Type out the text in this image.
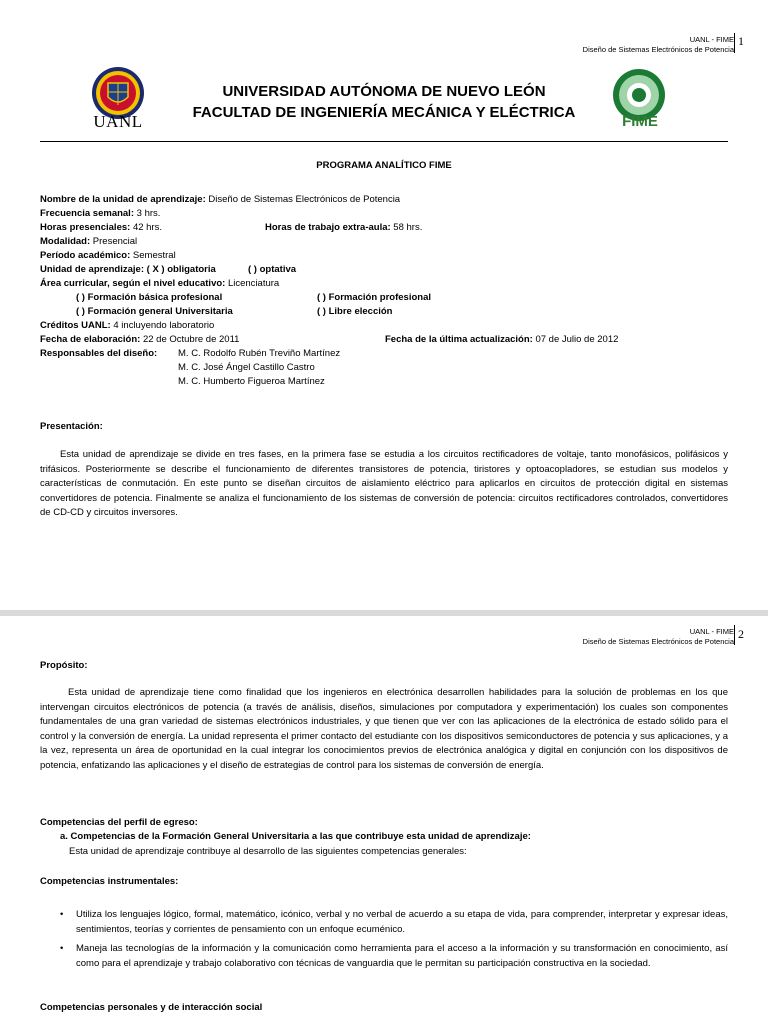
UANL - FIME
Diseño de Sistemas Electrónicos de Potencia
1
UANL	FIME
UNIVERSIDAD AUTÓNOMA DE NUEVO LEÓN
FACULTAD DE INGENIERÍA MECÁNICA Y ELÉCTRICA
PROGRAMA ANALÍTICO FIME
Nombre de la unidad de aprendizaje: Diseño de Sistemas Electrónicos de Potencia
Frecuencia semanal: 3 hrs.
Horas presenciales: 42 hrs.	Horas de trabajo extra-aula: 58 hrs.
Modalidad: Presencial
Período académico: Semestral
Unidad de aprendizaje: ( X ) obligatoria	( ) optativa
Área curricular, según el nivel educativo: Licenciatura
( ) Formación básica profesional	( ) Formación profesional
( ) Formación general Universitaria	( ) Libre elección
Créditos UANL: 4 incluyendo laboratorio
Fecha de elaboración: 22 de Octubre de 2011	Fecha de la última actualización: 07 de Julio de 2012
Responsables del diseño: M. C. Rodolfo Rubén Treviño Martínez
M. C. José Ángel Castillo Castro
M. C. Humberto Figueroa Martínez
Presentación:
Esta unidad de aprendizaje se divide en tres fases, en la primera fase se estudia a los circuitos rectificadores de voltaje, tanto monofásicos, polifásicos y trifásicos. Posteriormente se describe el funcionamiento de diferentes transistores de potencia, tiristores y optoacopladores, se estudian sus modelos y características de conmutación. En este punto se diseñan circuitos de aislamiento eléctrico para aplicarlos en circuitos de protección digital en sistemas convertidores de potencia. Finalmente se analiza el funcionamiento de los sistemas de conversión de potencia: circuitos rectificadores controlados, convertidores de CD-CD y circuitos inversores.
UANL - FIME
Diseño de Sistemas Electrónicos de Potencia
2
Propósito:
Esta unidad de aprendizaje tiene como finalidad que los ingenieros en electrónica desarrollen habilidades para la solución de problemas en los que intervengan circuitos electrónicos de potencia (a través de análisis, diseños, simulaciones por computadora y experimentación) los cuales son componentes fundamentales de una gran variedad de sistemas electrónicos industriales, y que tienen que ver con las aplicaciones de la electrónica de estado sólido para el control y la conversión de energía. La unidad representa el primer contacto del estudiante con los dispositivos semiconductores de potencia y sus aplicaciones, y a la vez, representa un área de oportunidad en la cual integrar los conocimientos previos de electrónica analógica y digital en conjunción con los dispositivos de potencia, enfatizando las aplicaciones y el diseño de estrategias de control para los sistemas de conversión de energía.
Competencias del perfil de egreso:
a. Competencias de la Formación General Universitaria a las que contribuye esta unidad de aprendizaje:
Esta unidad de aprendizaje contribuye al desarrollo de las siguientes competencias generales:
Competencias instrumentales:
• Utiliza los lenguajes lógico, formal, matemático, icónico, verbal y no verbal de acuerdo a su etapa de vida, para comprender, interpretar y expresar ideas, sentimientos, teorías y corrientes de pensamiento con un enfoque ecuménico.
• Maneja las tecnologías de la información y la comunicación como herramienta para el acceso a la información y su transformación en conocimiento, así como para el aprendizaje y trabajo colaborativo con técnicas de vanguardia que le permitan su participación constructiva en la sociedad.
Competencias personales y de interacción social
